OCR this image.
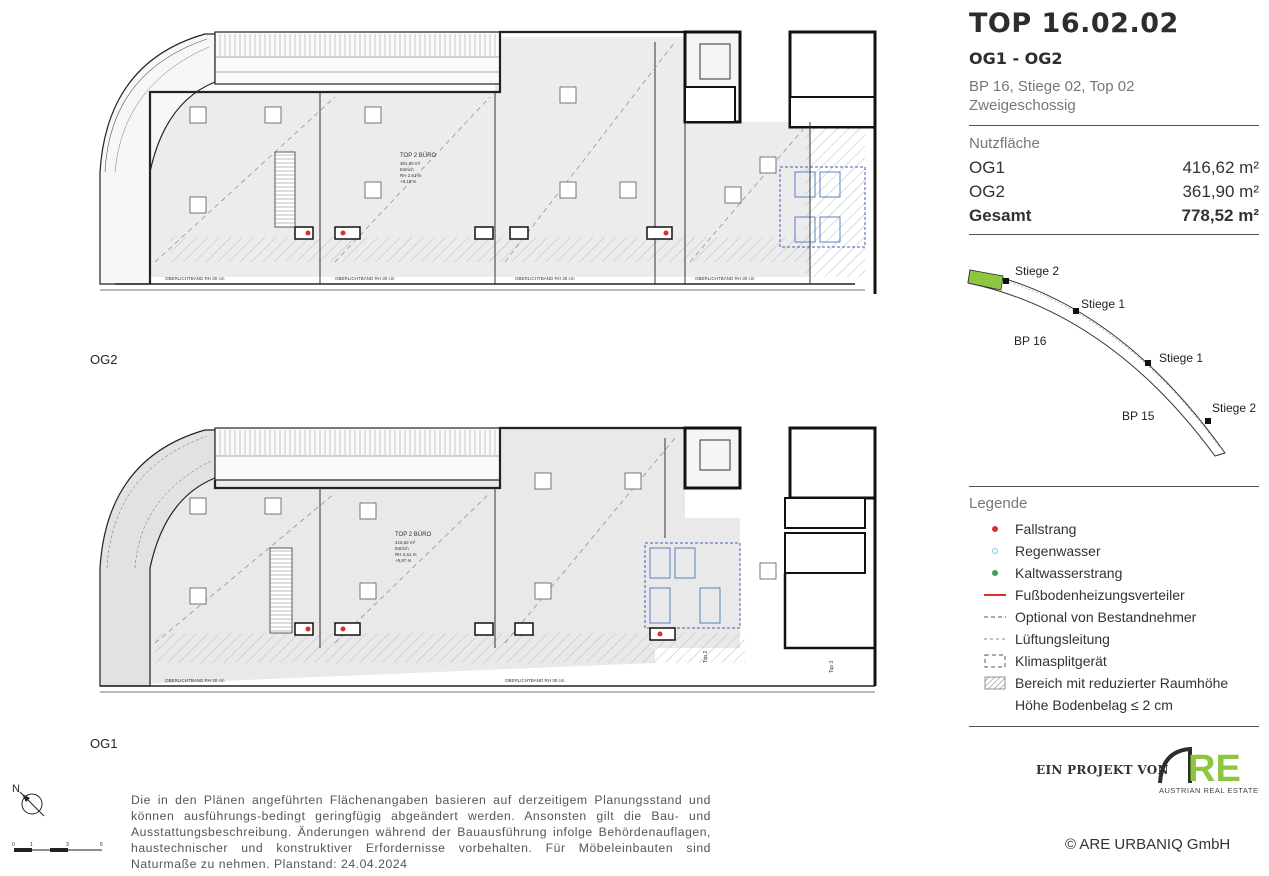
TOP 2 BÜRO
361,90 m²
Estrich
RH 2,61 m
+9,19 m
OBERLICHTBAND RH 30 cm	OBERLICHTBAND RH 30 cm	OBERLICHTBAND RH 30 cm	OBERLICHTBAND RH 30 cm
OG2
TOP 2 BÜRO
416,62 m²
Estrich
RH 2,61 m
+5,87 m
OBERLICHTBAND RH 30 cm	OBERLICHTBAND RH 30 cm
Top 2
Top 3
OG1
TOP 16.02.02
OG1 - OG2
BP 16, Stiege 02, Top 02
Zweigeschossig
Nutzfläche
OG1	416,62 m²
OG2	361,90 m²
Gesamt	778,52 m²
Stiege 2
Stiege 1
BP 16
Stiege 1
BP 15
Stiege 2
Legende
Fallstrang
Regenwasser
Kaltwasserstrang
Fußbodenheizungsverteiler
Optional von Bestandnehmer
Lüftungsleitung
Klimasplitgerät
Bereich mit reduzierter Raumhöhe
Höhe Bodenbelag ≤ 2 cm
N
0	1	3	5
Die in den Plänen angeführten Flächenangaben basieren auf derzeitigem Planungsstand und können ausführungs-bedingt geringfügig abgeändert werden. Ansonsten gilt die Bau- und Ausstattungsbeschreibung. Änderungen während der Bauausführung infolge Behördenauflagen, haustechnischer und konstruktiver Erfordernisse vorbehalten. Für Möbeleinbauten sind Naturmaße zu nehmen. Planstand: 24.04.2024
EIN PROJEKT VON RE
AUSTRIAN REAL ESTATE
© ARE URBANIQ GmbH
